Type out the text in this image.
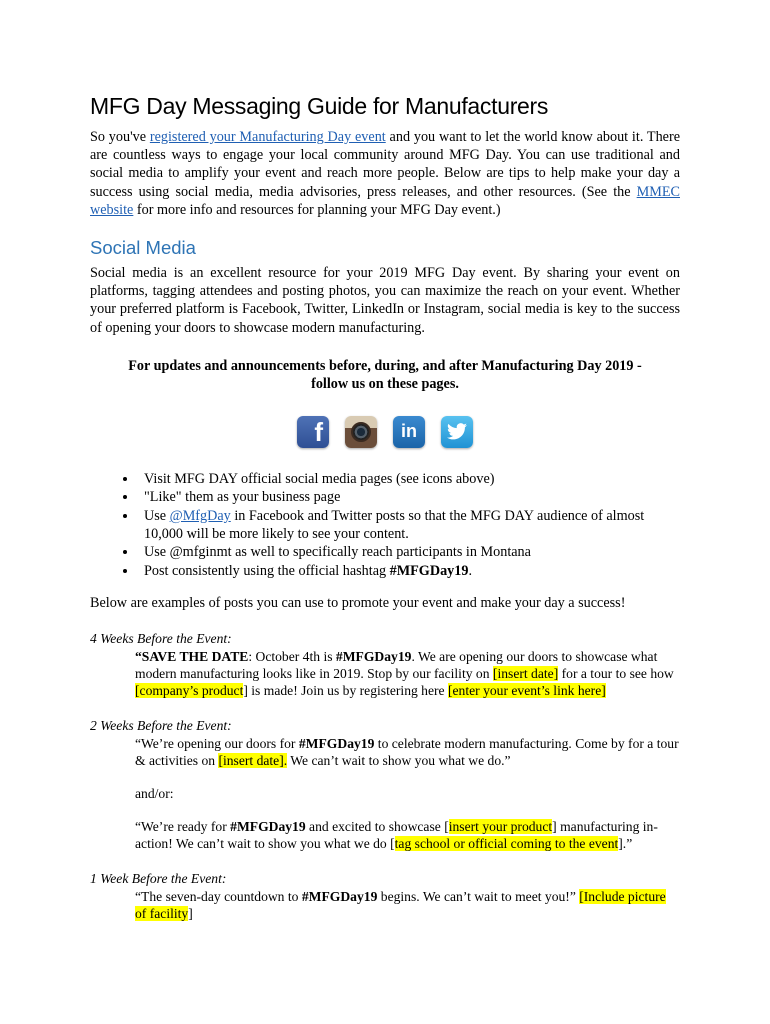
MFG Day Messaging Guide for Manufacturers

So you've registered your Manufacturing Day event and you want to let the world know about it. There are countless ways to engage your local community around MFG Day. You can use traditional and social media to amplify your event and reach more people. Below are tips to help make your day a success using social media, media advisories, press releases, and other resources. (See the MMEC website for more info and resources for planning your MFG Day event.)

Social Media

Social media is an excellent resource for your 2019 MFG Day event. By sharing your event on platforms, tagging attendees and posting photos, you can maximize the reach on your event. Whether your preferred platform is Facebook, Twitter, LinkedIn or Instagram, social media is key to the success of opening your doors to showcase modern manufacturing.

For updates and announcements before, during, and after Manufacturing Day 2019 -
follow us on these pages.
f	in
• Visit MFG DAY official social media pages (see icons above)
• "Like" them as your business page
• Use @MfgDay in Facebook and Twitter posts so that the MFG DAY audience of almost 10,000 will be more likely to see your content.
• Use @mfginmt as well to specifically reach participants in Montana
• Post consistently using the official hashtag #MFGDay19.

Below are examples of posts you can use to promote your event and make your day a success!

4 Weeks Before the Event:

“SAVE THE DATE: October 4th is #MFGDay19. We are opening our doors to showcase what modern manufacturing looks like in 2019. Stop by our facility on [insert date] for a tour to see how [company’s product] is made! Join us by registering here [enter your event’s link here]

2 Weeks Before the Event:

“We’re opening our doors for #MFGDay19 to celebrate modern manufacturing. Come by for a tour & activities on [insert date]. We can’t wait to show you what we do.”

and/or:

“We’re ready for #MFGDay19 and excited to showcase [insert your product] manufacturing in-action! We can’t wait to show you what we do [tag school or official coming to the event].”

1 Week Before the Event:

“The seven-day countdown to #MFGDay19 begins. We can’t wait to meet you!” [Include picture of facility]
